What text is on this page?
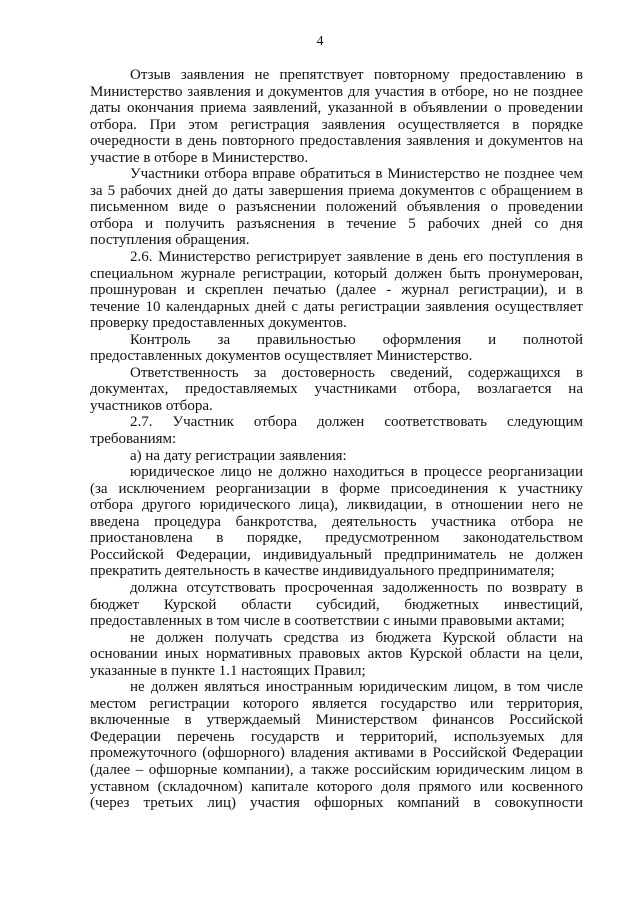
4
Отзыв заявления не препятствует повторному предоставлению в
Министерство заявления и документов для участия в отборе, но не позднее
даты окончания приема заявлений, указанной в объявлении о проведении
отбора. При этом регистрация заявления осуществляется в порядке
очередности в день повторного предоставления заявления и документов на
участие в отборе в Министерство.
Участники отбора вправе обратиться в Министерство не позднее чем
за 5 рабочих дней до даты завершения приема документов с обращением в
письменном виде о разъяснении положений объявления о проведении
отбора и получить разъяснения в течение 5 рабочих дней со дня
поступления обращения.
2.6. Министерство регистрирует заявление в день его поступления в
специальном журнале регистрации, который должен быть пронумерован,
прошнурован и скреплен печатью (далее - журнал регистрации), и в
течение 10 календарных дней с даты регистрации заявления осуществляет
проверку предоставленных документов.
Контроль за правильностью оформления и полнотой
предоставленных документов осуществляет Министерство.
Ответственность за достоверность сведений, содержащихся в
документах, предоставляемых участниками отбора, возлагается на
участников отбора.
2.7. Участник отбора должен соответствовать следующим
требованиям:
а) на дату регистрации заявления:
юридическое лицо не должно находиться в процессе реорганизации
(за исключением реорганизации в форме присоединения к участнику
отбора другого юридического лица), ликвидации, в отношении него не
введена процедура банкротства, деятельность участника отбора не
приостановлена в порядке, предусмотренном законодательством
Российской Федерации, индивидуальный предприниматель не должен
прекратить деятельность в качестве индивидуального предпринимателя;
должна отсутствовать просроченная задолженность по возврату в
бюджет Курской области субсидий, бюджетных инвестиций,
предоставленных в том числе в соответствии с иными правовыми актами;
не должен получать средства из бюджета Курской области на
основании иных нормативных правовых актов Курской области на цели,
указанные в пункте 1.1 настоящих Правил;
не должен являться иностранным юридическим лицом, в том числе
местом регистрации которого является государство или территория,
включенные в утверждаемый Министерством финансов Российской
Федерации перечень государств и территорий, используемых для
промежуточного (офшорного) владения активами в Российской Федерации
(далее – офшорные компании), а также российским юридическим лицом в
уставном (складочном) капитале которого доля прямого или косвенного
(через третьих лиц) участия офшорных компаний в совокупности
